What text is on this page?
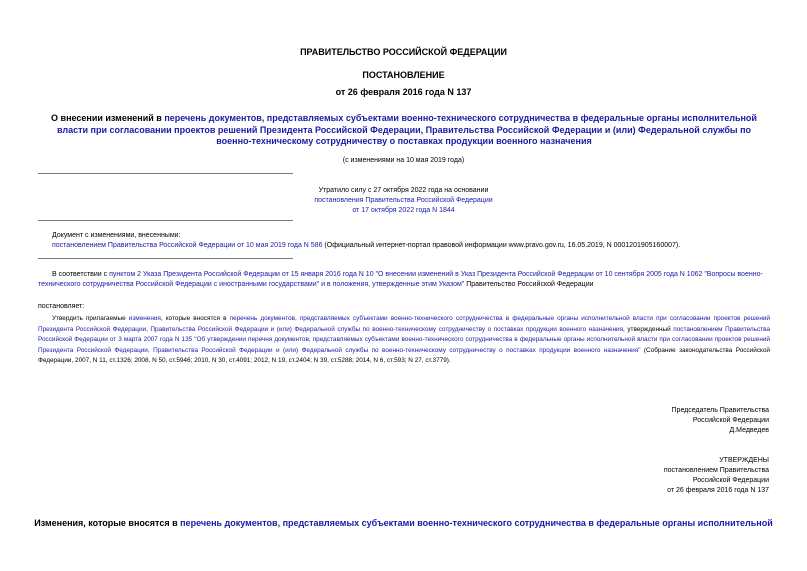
ПРАВИТЕЛЬСТВО РОССИЙСКОЙ ФЕДЕРАЦИИ
ПОСТАНОВЛЕНИЕ
от 26 февраля 2016 года N 137
О внесении изменений в перечень документов, представляемых субъектами военно-технического сотрудничества в федеральные органы исполнительной власти при согласовании проектов решений Президента Российской Федерации, Правительства Российской Федерации и (или) Федеральной службы по военно-техническому сотрудничеству о поставках продукции военного назначения
(с изменениями на 10 мая 2019 года)
Утратило силу с 27 октября 2022 года на основании
постановления Правительства Российской Федерации
от 17 октября 2022 года N 1844
Документ с изменениями, внесенными:
постановлением Правительства Российской Федерации от 10 мая 2019 года N 586 (Официальный интернет-портал правовой информации www.pravo.gov.ru, 16.05.2019, N 0001201905160007).
В соответствии с пунктом 2 Указа Президента Российской Федерации от 15 января 2016 года N 10 "О внесении изменений в Указ Президента Российской Федерации от 10 сентября 2005 года N 1062 "Вопросы военно-технического сотрудничества Российской Федерации с иностранными государствами" и в положения, утвержденные этим Указом" Правительство Российской Федерации
постановляет:
Утвердить прилагаемые изменения, которые вносятся в перечень документов, представляемых субъектами военно-технического сотрудничества в федеральные органы исполнительной власти при согласовании проектов решений Президента Российской Федерации, Правительства Российской Федерации и (или) Федеральной службы по военно-техническому сотрудничеству о поставках продукции военного назначения, утвержденный постановлением Правительства Российской Федерации от 3 марта 2007 года N 135 "Об утверждении перечня документов, представляемых субъектами военно-технического сотрудничества в федеральные органы исполнительной власти при согласовании проектов решений Президента Российской Федерации, Правительства Российской Федерации и (или) Федеральной службы по военно-техническому сотрудничеству о поставках продукции военного назначения" (Собрание законодательства Российской Федерации, 2007, N 11, ст.1326; 2008, N 50, ст.5946; 2010, N 30, ст.4091; 2012, N 19, ст.2404; N 39, ст.5288; 2014, N 6, ст.593; N 27, ст.3779).
Председатель Правительства
Российской Федерации
Д.Медведев
УТВЕРЖДЕНЫ
постановлением Правительства
Российской Федерации
от 26 февраля 2016 года N 137
Изменения, которые вносятся в перечень документов, представляемых субъектами военно-технического сотрудничества в федеральные органы исполнительной
